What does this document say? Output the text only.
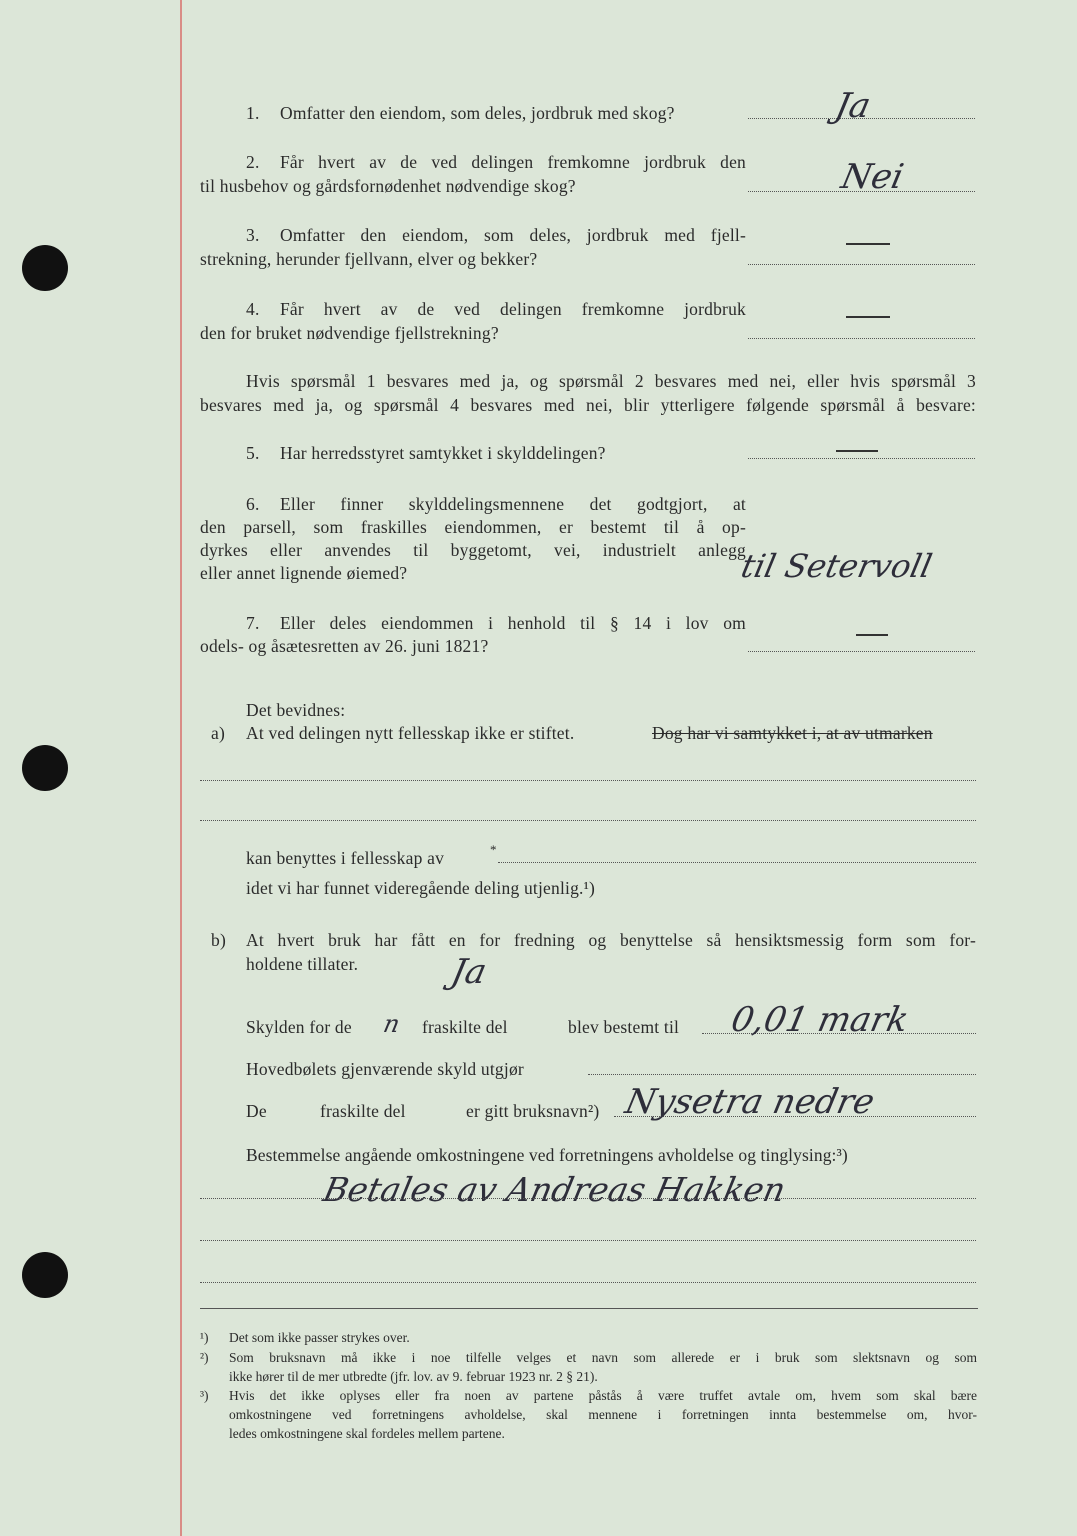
1. Omfatter den eiendom, som deles, jordbruk med skog?	Ja
2. Får hvert av de ved delingen fremkomne jordbruk den
til husbehov og gårdsfornødenhet nødvendige skog?	Nei
3. Omfatter den eiendom, som deles, jordbruk med fjell-
strekning, herunder fjellvann, elver og bekker?
4. Får hvert av de ved delingen fremkomne jordbruk
den for bruket nødvendige fjellstrekning?
Hvis spørsmål 1 besvares med ja, og spørsmål 2 besvares med nei, eller hvis spørsmål 3
besvares med ja, og spørsmål 4 besvares med nei, blir ytterligere følgende spørsmål å besvare:
5. Har herredsstyret samtykket i skylddelingen?
6. Eller finner skylddelingsmennene det godtgjort, at
den parsell, som fraskilles eiendommen, er bestemt til å op-
dyrkes eller anvendes til byggetomt, vei, industrielt anlegg
eller annet lignende øiemed?	til Setervoll
7. Eller deles eiendommen i henhold til § 14 i lov om
odels- og åsætesretten av 26. juni 1821?
Det bevidnes:
a) At ved delingen nytt fellesskap ikke er stiftet.	Dog har vi samtykket i, at av utmarken
kan benyttes i fellesskap av	*
idet vi har funnet videregående deling utjenlig.¹)
b) At hvert bruk har fått en for fredning og benyttelse så hensiktsmessig form som for-
holdene tillater.	Ja
Skylden for de n fraskilte del	blev bestemt til 0,01 mark
Hovedbølets gjenværende skyld utgjør
De	fraskilte del	er gitt bruksnavn²) Nysetra nedre
Bestemmelse angående omkostningene ved forretningens avholdelse og tinglysing:³)
Betales av Andreas Hakken
¹) Det som ikke passer strykes over.
²) Som bruksnavn må ikke i noe tilfelle velges et navn som allerede er i bruk som slektsnavn og som
ikke hører til de mer utbredte (jfr. lov. av 9. februar 1923 nr. 2 § 21).
³) Hvis det ikke oplyses eller fra noen av partene påstås å være truffet avtale om, hvem som skal bære
omkostningene ved forretningens avholdelse, skal mennene i forretningen innta bestemmelse om, hvor-
ledes omkostningene skal fordeles mellem partene.
